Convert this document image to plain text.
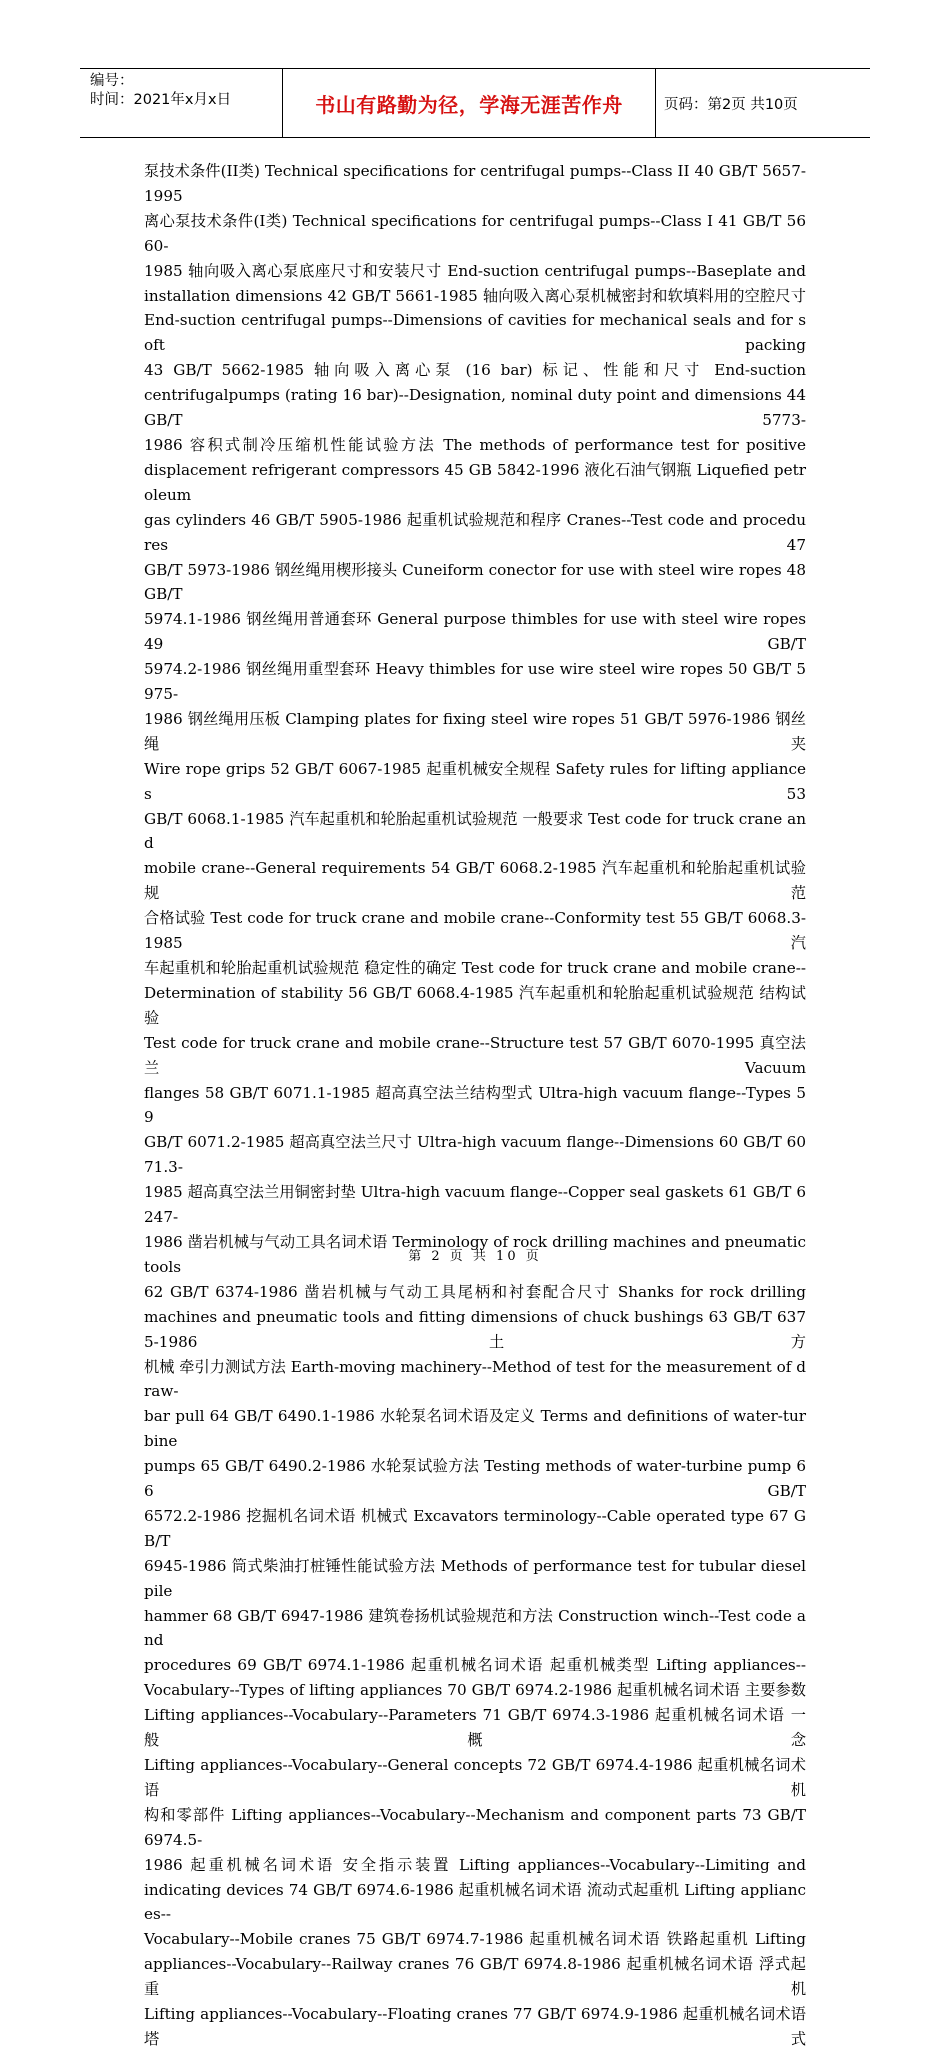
编号：
时间：2021年x月x日	书山有路勤为径，学海无涯苦作舟	页码：第2页 共10页
泵技术条件(II类) Technical specifications for centrifugal pumps--Class II 40 GB/T 5657-1995
离心泵技术条件(I类) Technical specifications for centrifugal pumps--Class I 41 GB/T 5660-
1985 轴向吸入离心泵底座尺寸和安装尺寸 End-suction centrifugal pumps--Baseplate and
installation dimensions 42 GB/T 5661-1985 轴向吸入离心泵机械密封和软填料用的空腔尺寸
End-suction centrifugal pumps--Dimensions of cavities for mechanical seals and for soft packing
43 GB/T 5662-1985 轴向吸入离心泵 (16 bar) 标记、性能和尺寸 End-suction
centrifugalpumps (rating 16 bar)--Designation, nominal duty point and dimensions 44 GB/T 5773-
1986 容积式制冷压缩机性能试验方法 The methods of performance test for positive
displacement refrigerant compressors 45 GB 5842-1996 液化石油气钢瓶 Liquefied petroleum
gas cylinders 46 GB/T 5905-1986 起重机试验规范和程序 Cranes--Test code and procedures 47
GB/T 5973-1986 钢丝绳用楔形接头 Cuneiform conector for use with steel wire ropes 48 GB/T
5974.1-1986 钢丝绳用普通套环 General purpose thimbles for use with steel wire ropes 49 GB/T
5974.2-1986 钢丝绳用重型套环 Heavy thimbles for use wire steel wire ropes 50 GB/T 5975-
1986 钢丝绳用压板 Clamping plates for fixing steel wire ropes 51 GB/T 5976-1986 钢丝绳夹
Wire rope grips 52 GB/T 6067-1985 起重机械安全规程 Safety rules for lifting appliances 53
GB/T 6068.1-1985 汽车起重机和轮胎起重机试验规范 一般要求 Test code for truck crane and
mobile crane--General requirements 54 GB/T 6068.2-1985 汽车起重机和轮胎起重机试验规范
合格试验 Test code for truck crane and mobile crane--Conformity test 55 GB/T 6068.3-1985 汽
车起重机和轮胎起重机试验规范 稳定性的确定 Test code for truck crane and mobile crane--
Determination of stability 56 GB/T 6068.4-1985 汽车起重机和轮胎起重机试验规范 结构试验
Test code for truck crane and mobile crane--Structure test 57 GB/T 6070-1995 真空法兰 Vacuum
flanges 58 GB/T 6071.1-1985 超高真空法兰结构型式 Ultra-high vacuum flange--Types 59
GB/T 6071.2-1985 超高真空法兰尺寸 Ultra-high vacuum flange--Dimensions 60 GB/T 6071.3-
1985 超高真空法兰用铜密封垫 Ultra-high vacuum flange--Copper seal gaskets 61 GB/T 6247-
1986 凿岩机械与气动工具名词术语 Terminology of rock drilling machines and pneumatic tools
62 GB/T 6374-1986 凿岩机械与气动工具尾柄和衬套配合尺寸 Shanks for rock drilling
machines and pneumatic tools and fitting dimensions of chuck bushings 63 GB/T 6375-1986 土方
机械 牵引力测试方法 Earth-moving machinery--Method of test for the measurement of draw-
bar pull 64 GB/T 6490.1-1986 水轮泵名词术语及定义 Terms and definitions of water-turbine
pumps 65 GB/T 6490.2-1986 水轮泵试验方法 Testing methods of water-turbine pump 66 GB/T
6572.2-1986 挖掘机名词术语 机械式 Excavators terminology--Cable operated type 67 GB/T
6945-1986 筒式柴油打桩锤性能试验方法 Methods of performance test for tubular diesel pile
hammer 68 GB/T 6947-1986 建筑卷扬机试验规范和方法 Construction winch--Test code and
procedures 69 GB/T 6974.1-1986 起重机械名词术语 起重机械类型 Lifting appliances--
Vocabulary--Types of lifting appliances 70 GB/T 6974.2-1986 起重机械名词术语 主要参数
Lifting appliances--Vocabulary--Parameters 71 GB/T 6974.3-1986 起重机械名词术语 一般概念
Lifting appliances--Vocabulary--General concepts 72 GB/T 6974.4-1986 起重机械名词术语 机
构和零部件 Lifting appliances--Vocabulary--Mechanism and component parts 73 GB/T 6974.5-
1986 起重机械名词术语 安全指示装置 Lifting appliances--Vocabulary--Limiting and
indicating devices 74 GB/T 6974.6-1986 起重机械名词术语 流动式起重机 Lifting appliances--
Vocabulary--Mobile cranes 75 GB/T 6974.7-1986 起重机械名词术语 铁路起重机 Lifting
appliances--Vocabulary--Railway cranes 76 GB/T 6974.8-1986 起重机械名词术语 浮式起重机
Lifting appliances--Vocabulary--Floating cranes 77 GB/T 6974.9-1986 起重机械名词术语 塔式
第 2 页 共 10 页
